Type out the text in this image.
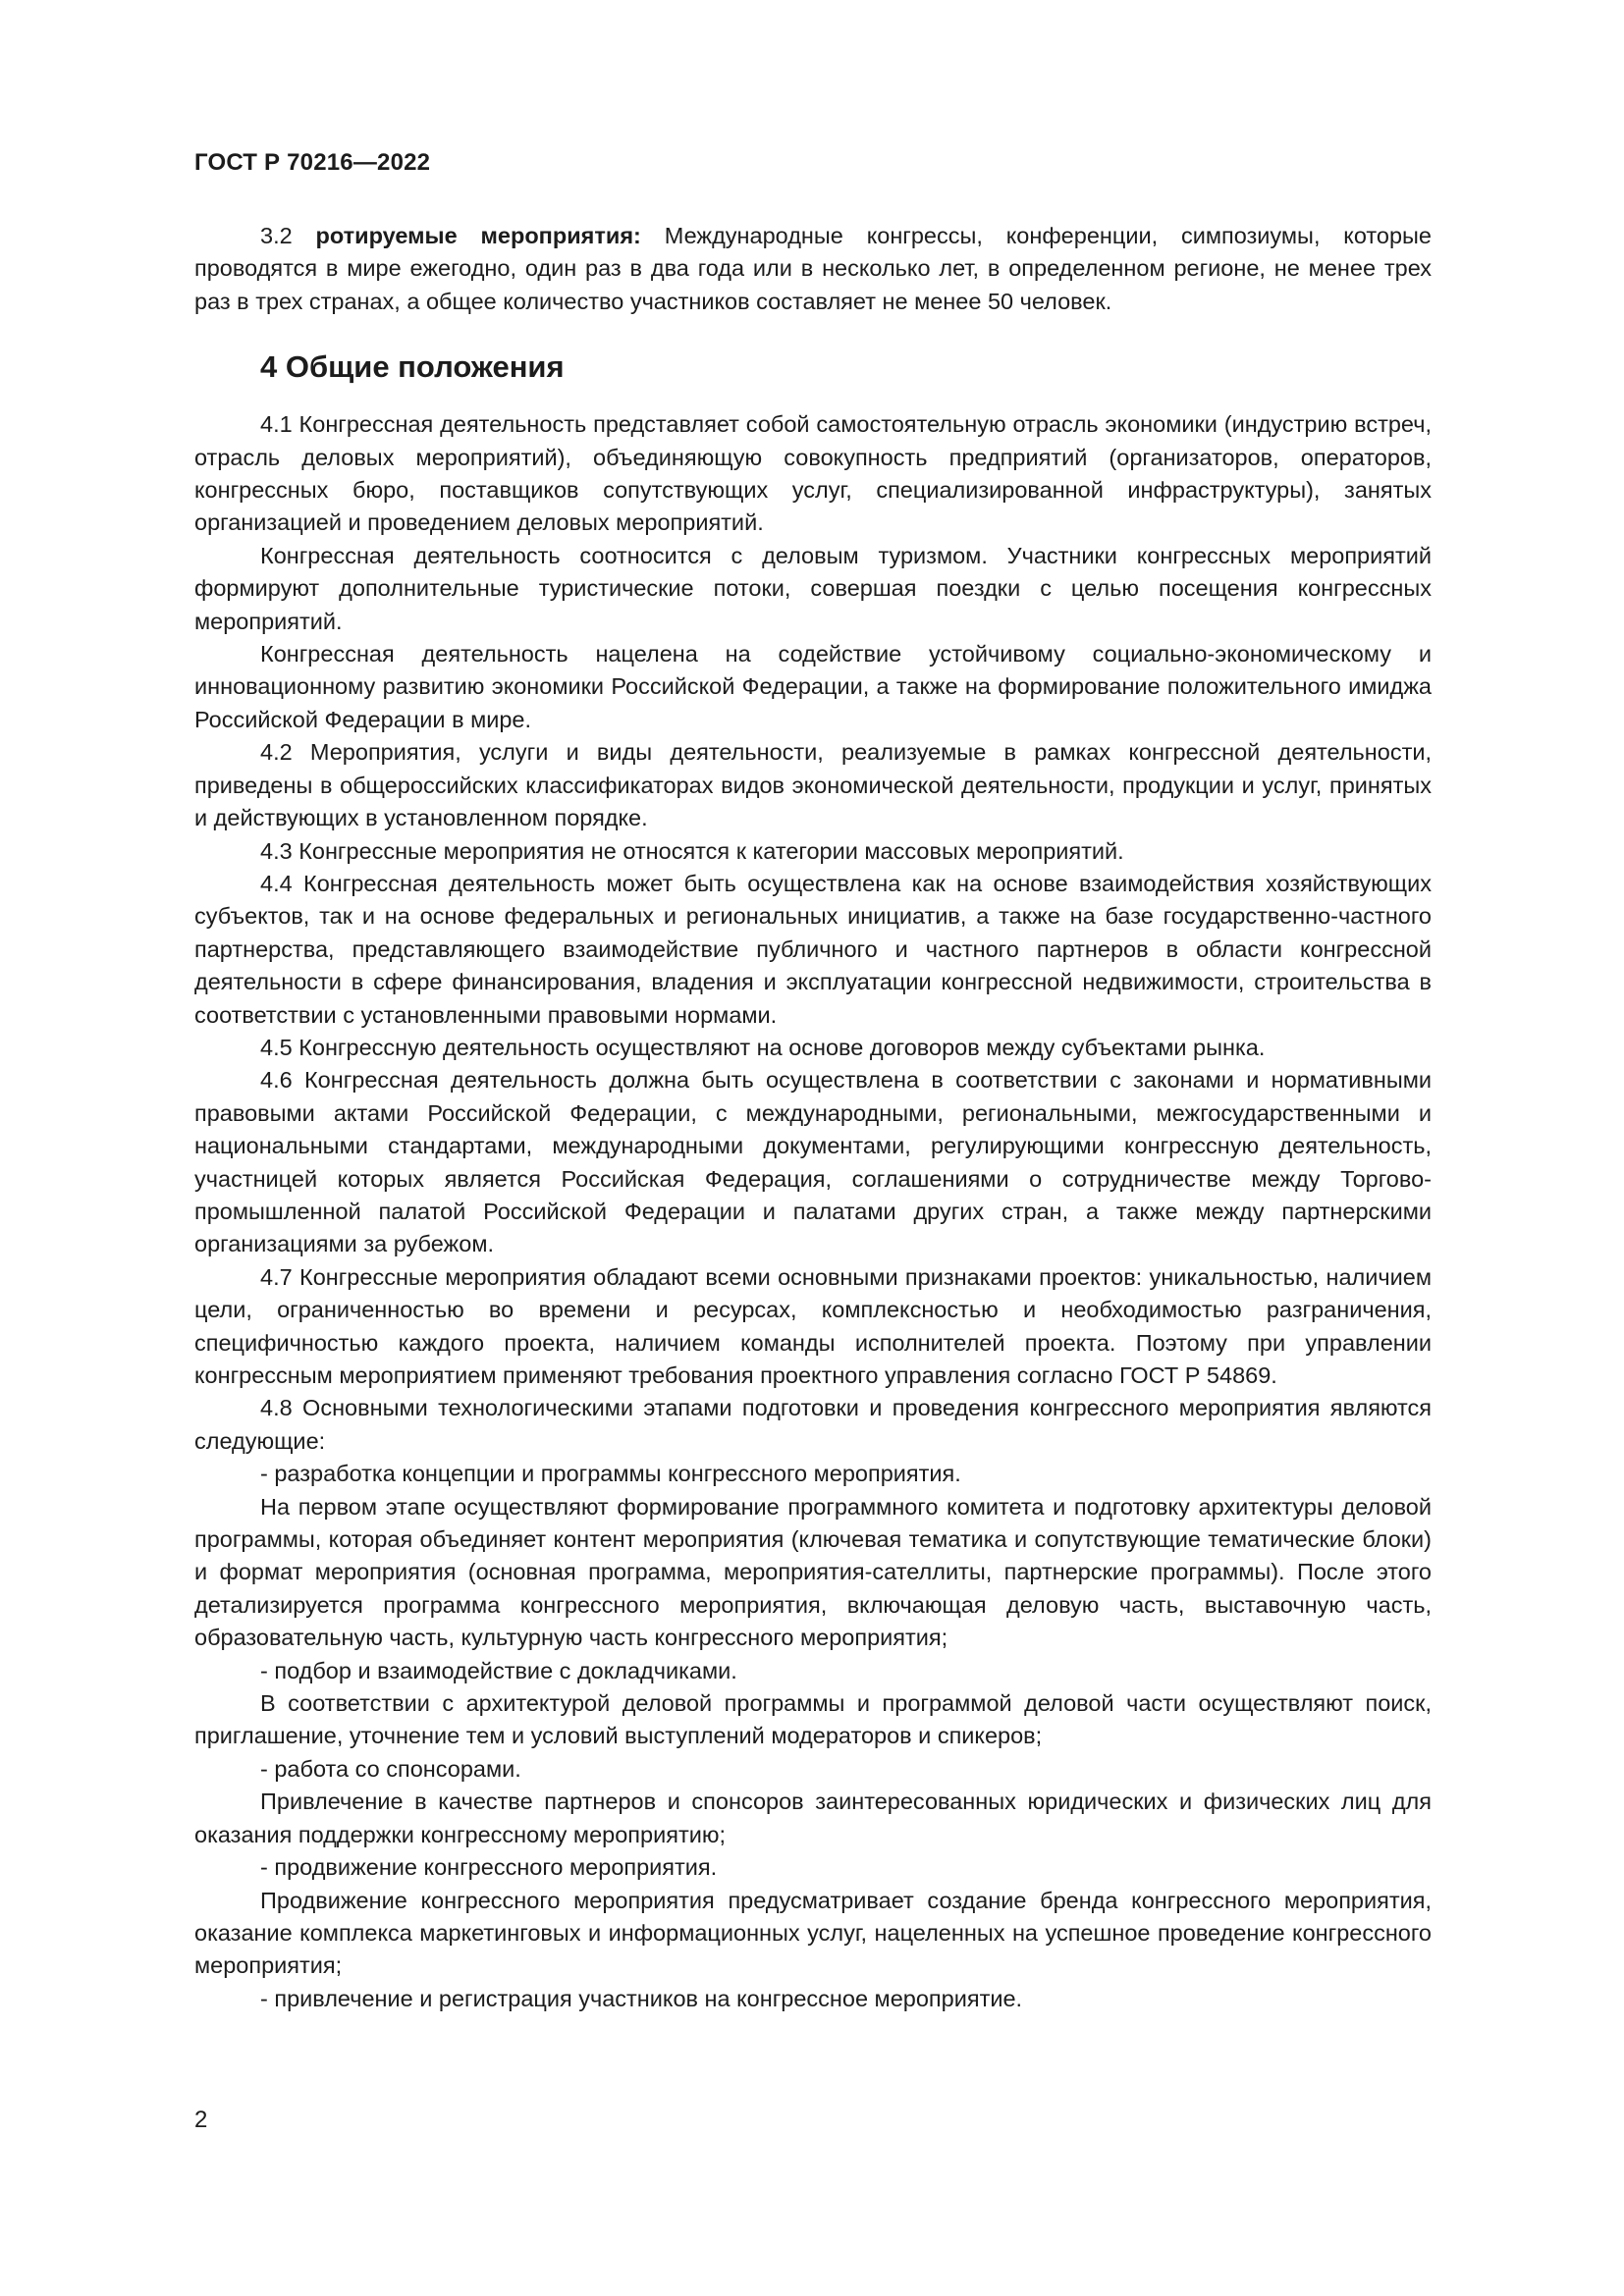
ГОСТ Р 70216—2022

3.2 ротируемые мероприятия: Международные конгрессы, конференции, симпозиумы, которые проводятся в мире ежегодно, один раз в два года или в несколько лет, в определенном регионе, не менее трех раз в трех странах, а общее количество участников составляет не менее 50 человек.

4 Общие положения

4.1 Конгрессная деятельность представляет собой самостоятельную отрасль экономики (индустрию встреч, отрасль деловых мероприятий), объединяющую совокупность предприятий (организаторов, операторов, конгрессных бюро, поставщиков сопутствующих услуг, специализированной инфраструктуры), занятых организацией и проведением деловых мероприятий.

Конгрессная деятельность соотносится с деловым туризмом. Участники конгрессных мероприятий формируют дополнительные туристические потоки, совершая поездки с целью посещения конгрессных мероприятий.

Конгрессная деятельность нацелена на содействие устойчивому социально-экономическому и инновационному развитию экономики Российской Федерации, а также на формирование положительного имиджа Российской Федерации в мире.

4.2 Мероприятия, услуги и виды деятельности, реализуемые в рамках конгрессной деятельности, приведены в общероссийских классификаторах видов экономической деятельности, продукции и услуг, принятых и действующих в установленном порядке.

4.3 Конгрессные мероприятия не относятся к категории массовых мероприятий.

4.4 Конгрессная деятельность может быть осуществлена как на основе взаимодействия хозяйствующих субъектов, так и на основе федеральных и региональных инициатив, а также на базе государственно-частного партнерства, представляющего взаимодействие публичного и частного партнеров в области конгрессной деятельности в сфере финансирования, владения и эксплуатации конгрессной недвижимости, строительства в соответствии с установленными правовыми нормами.

4.5 Конгрессную деятельность осуществляют на основе договоров между субъектами рынка.

4.6 Конгрессная деятельность должна быть осуществлена в соответствии с законами и нормативными правовыми актами Российской Федерации, с международными, региональными, межгосударственными и национальными стандартами, международными документами, регулирующими конгрессную деятельность, участницей которых является Российская Федерация, соглашениями о сотрудничестве между Торгово-промышленной палатой Российской Федерации и палатами других стран, а также между партнерскими организациями за рубежом.

4.7 Конгрессные мероприятия обладают всеми основными признаками проектов: уникальностью, наличием цели, ограниченностью во времени и ресурсах, комплексностью и необходимостью разграничения, специфичностью каждого проекта, наличием команды исполнителей проекта. Поэтому при управлении конгрессным мероприятием применяют требования проектного управления согласно ГОСТ Р 54869.

4.8 Основными технологическими этапами подготовки и проведения конгрессного мероприятия являются следующие:

- разработка концепции и программы конгрессного мероприятия.

На первом этапе осуществляют формирование программного комитета и подготовку архитектуры деловой программы, которая объединяет контент мероприятия (ключевая тематика и сопутствующие тематические блоки) и формат мероприятия (основная программа, мероприятия-сателлиты, партнерские программы). После этого детализируется программа конгрессного мероприятия, включающая деловую часть, выставочную часть, образовательную часть, культурную часть конгрессного мероприятия;

- подбор и взаимодействие с докладчиками.

В соответствии с архитектурой деловой программы и программой деловой части осуществляют поиск, приглашение, уточнение тем и условий выступлений модераторов и спикеров;

- работа со спонсорами.

Привлечение в качестве партнеров и спонсоров заинтересованных юридических и физических лиц для оказания поддержки конгрессному мероприятию;

- продвижение конгрессного мероприятия.

Продвижение конгрессного мероприятия предусматривает создание бренда конгрессного мероприятия, оказание комплекса маркетинговых и информационных услуг, нацеленных на успешное проведение конгрессного мероприятия;

- привлечение и регистрация участников на конгрессное мероприятие.

2
